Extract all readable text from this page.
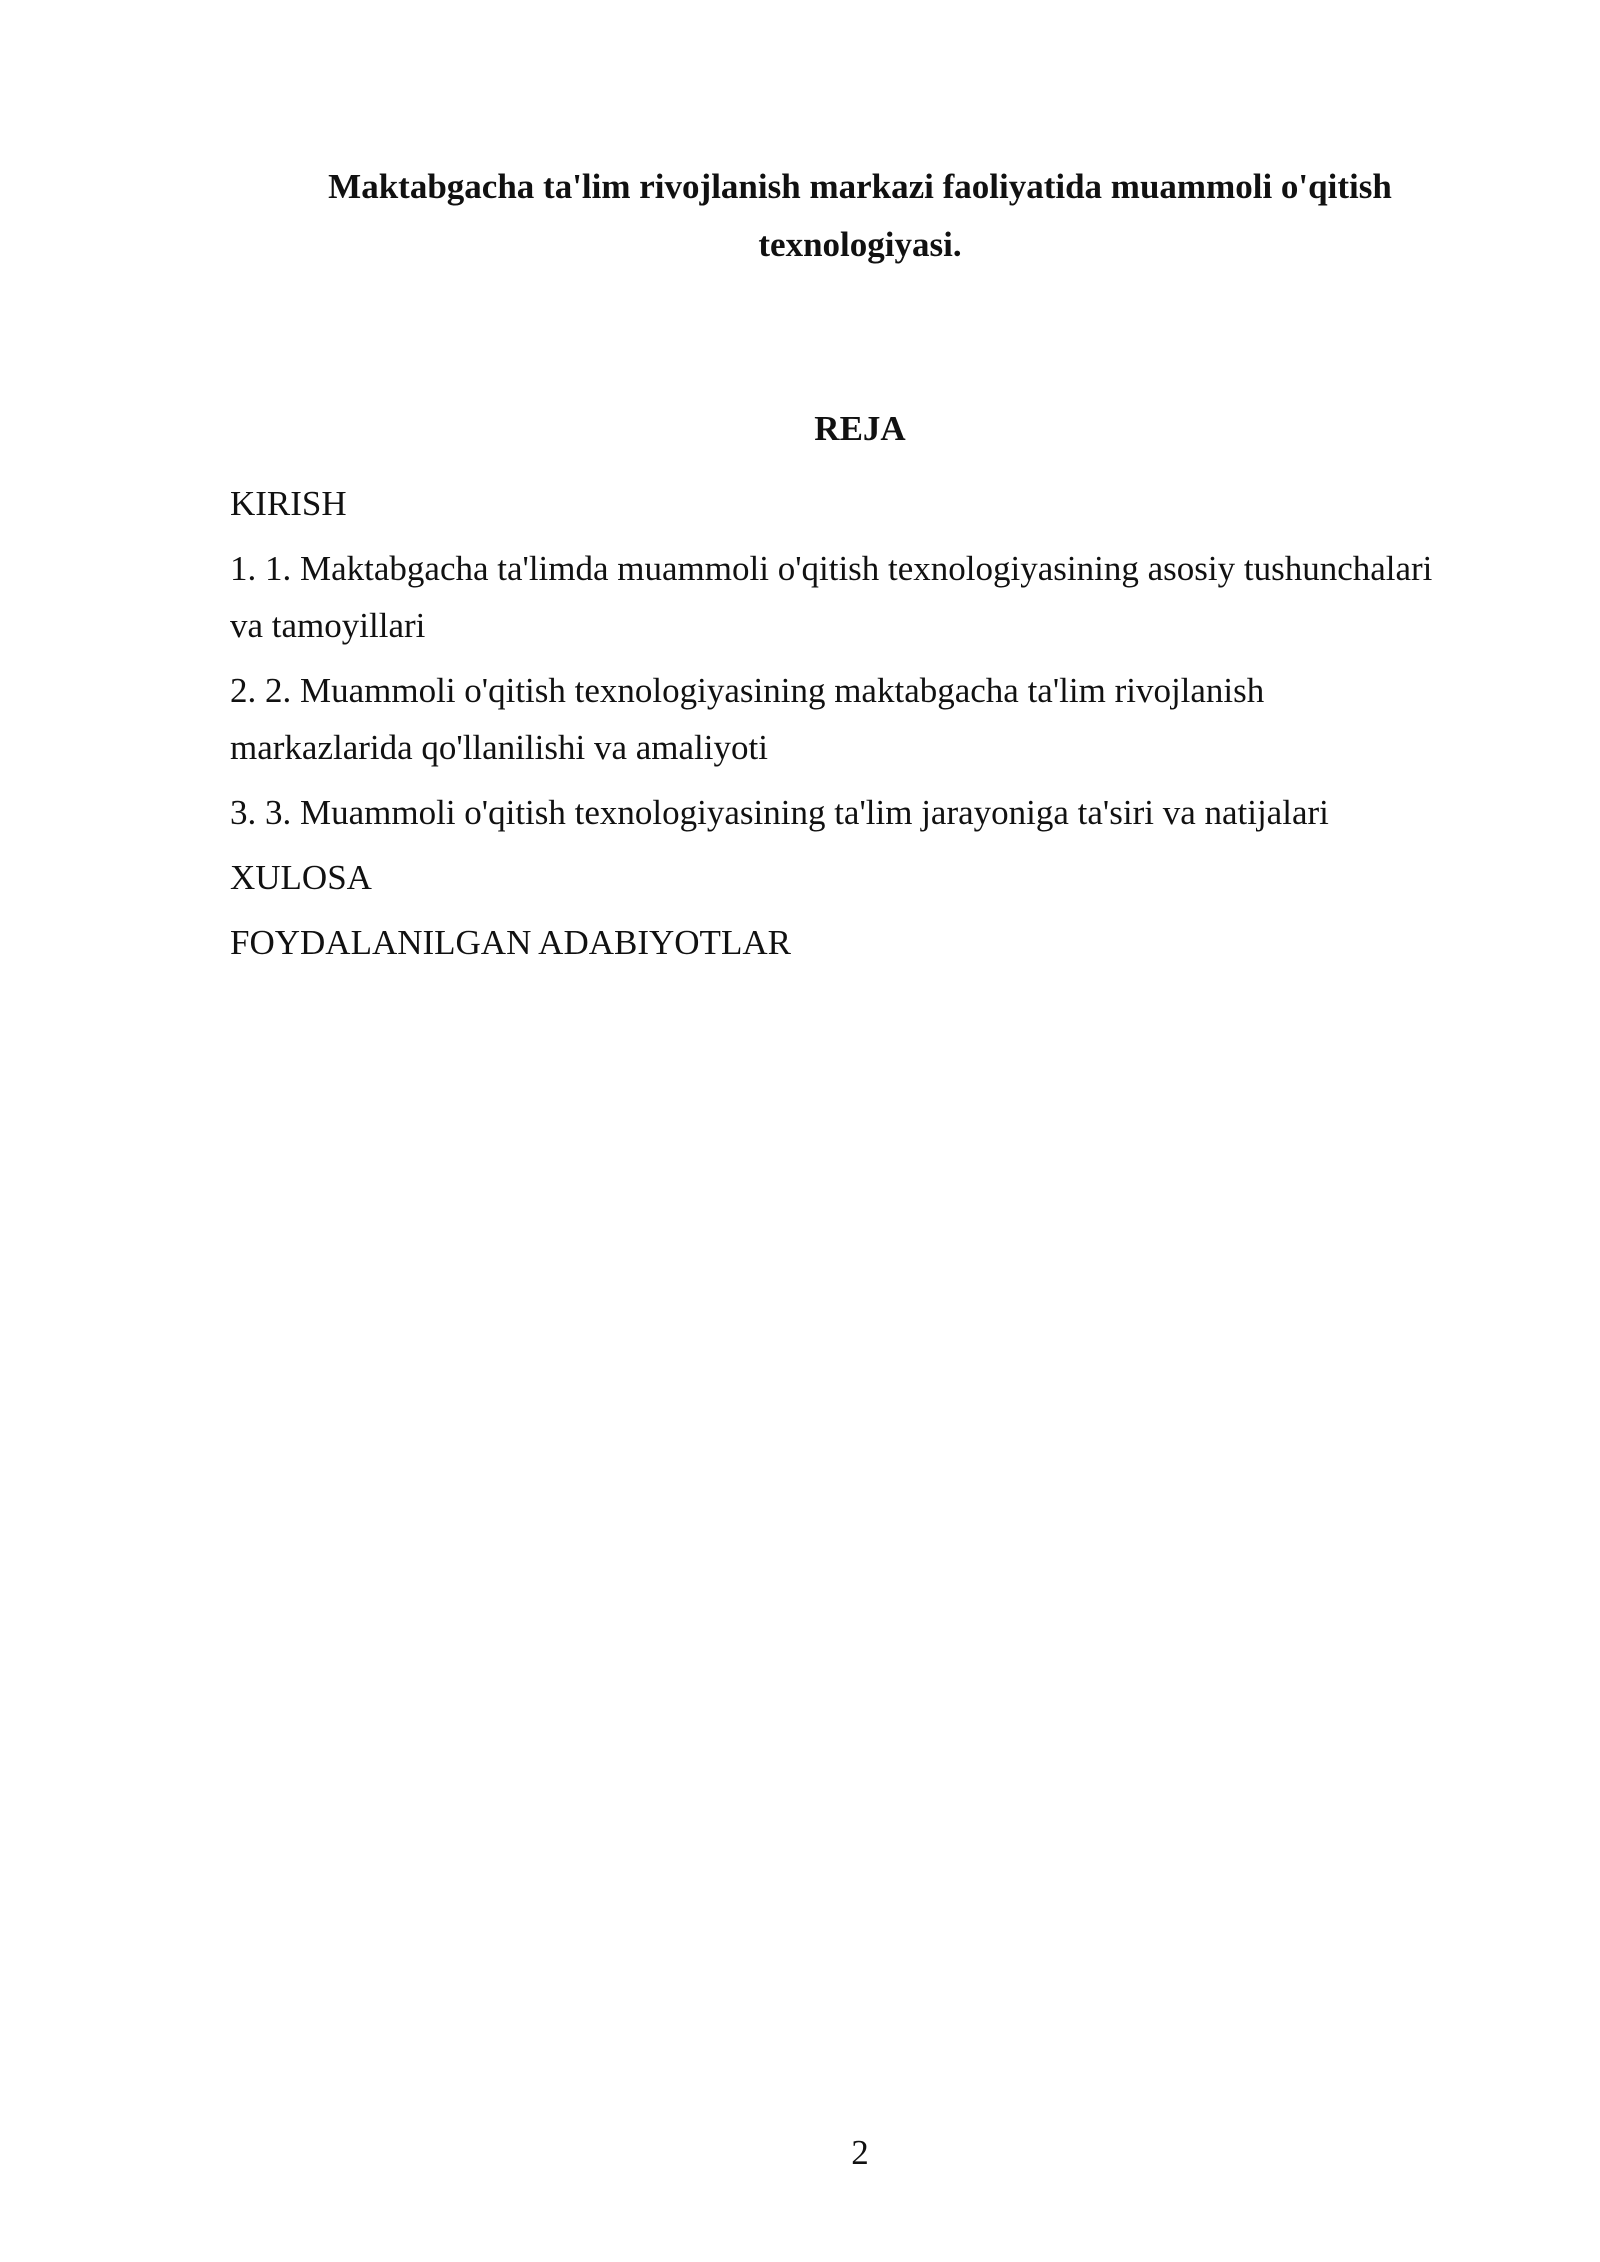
Maktabgacha ta'lim rivojlanish markazi faoliyatida muammoli o'qitish texnologiyasi.
REJA
KIRISH
1. 1. Maktabgacha ta'limda muammoli o'qitish texnologiyasining asosiy tushunchalari va tamoyillari
2. 2. Muammoli o'qitish texnologiyasining maktabgacha ta'lim rivojlanish markazlarida qo'llanilishi va amaliyoti
3. 3. Muammoli o'qitish texnologiyasining ta'lim jarayoniga ta'siri va natijalari
XULOSA
FOYDALANILGAN ADABIYOTLAR
2
